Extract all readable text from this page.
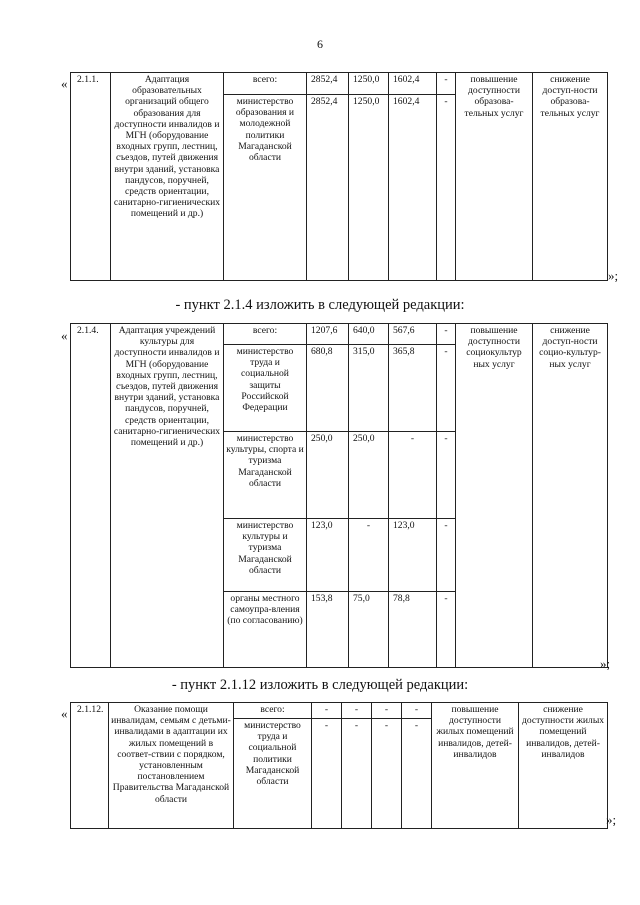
6
« 2.1.1.	Адаптация образовательных организаций общего образования для доступности инвалидов и МГН (оборудование входных групп, лестниц, съездов, путей движения внутри зданий, установка пандусов, поручней, средств ориентации, санитарно-гигиенических помещений и др.)	всего:	2852,4	1250,0	1602,4	-	повышение доступности образова-тельных услуг	снижение доступ-ности образова-тельных услуг
		министерство образования и молодежной политики Магаданской области	2852,4	1250,0	1602,4	-		
»;
- пункт 2.1.4 изложить в следующей редакции:
« 2.1.4.	Адаптация учреждений культуры для доступности инвалидов и МГН (оборудование входных групп, лестниц, съездов, путей движения внутри зданий, установка пандусов, поручней, средств ориентации, санитарно-гигиенических помещений и др.)	всего:	1207,6	640,0	567,6	-	повышение доступности социокультур ных услуг	снижение доступ-ности социо-культур-ных услуг
		министерство труда и социальной защиты Российской Федерации	680,8	315,0	365,8	-		
		министерство культуры, спорта и туризма Магаданской области	250,0	250,0	-	-		
		министерство культуры и туризма Магаданской области	123,0	-	123,0	-		
		органы местного самоупра-вления (по согласованию)	153,8	75,0	78,8	-		
»;
- пункт 2.1.12 изложить в следующей редакции:
« 2.1.12.	Оказание помощи инвалидам, семьям с детьми-инвалидами в адаптации их жилых помещений в соответ-ствии с порядком, установленным постановлением Правительства Магаданской области	всего:	-	-	-	-	повышение доступности жилых помещений инвалидов, детей-инвалидов	снижение доступности жилых помещений инвалидов, детей-инвалидов
		министерство труда и социальной политики Магаданской области	-	-	-	-		
»;
